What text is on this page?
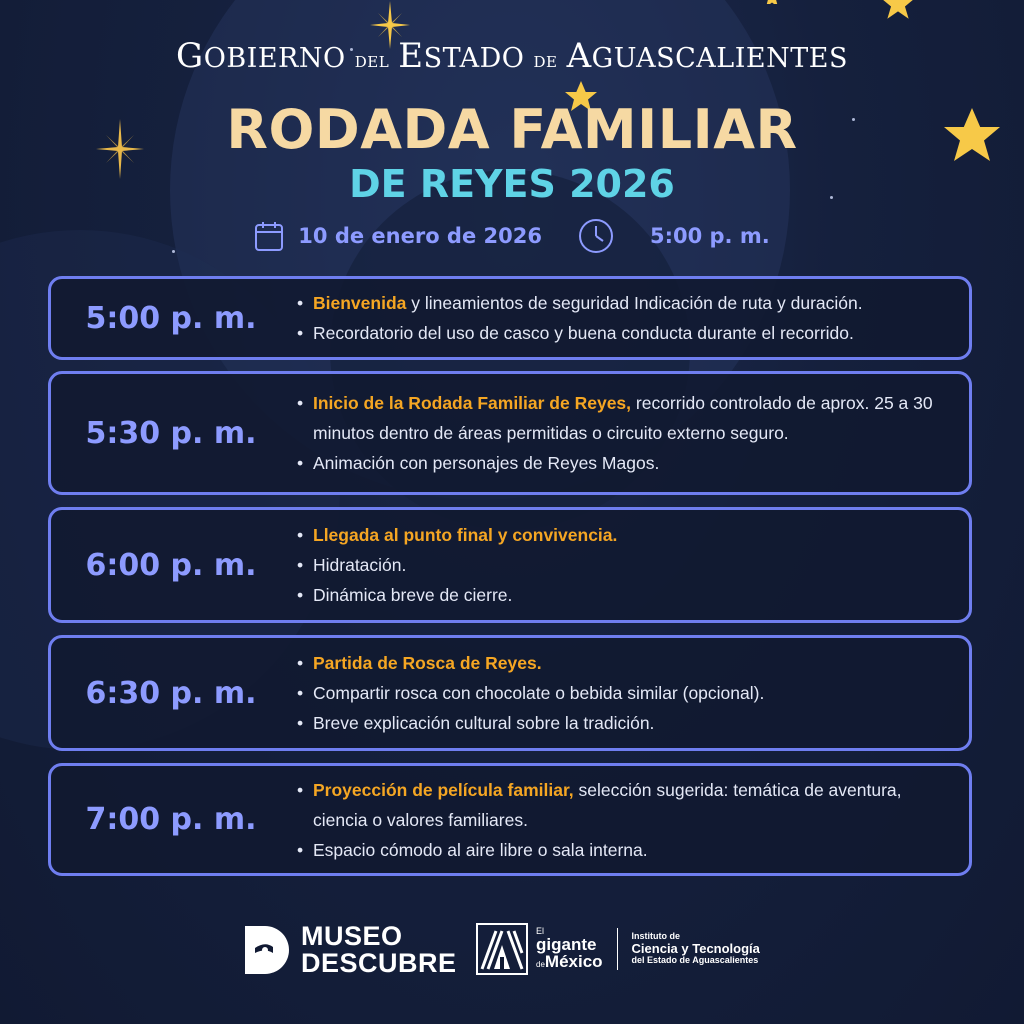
GOBIERNO DEL ESTADO DE AGUASCALIENTES
RODADA FAMILIAR
DE REYES 2026
10 de enero de 2026	5:00 p. m.
5:00 p. m.
•	Bienvenida y lineamientos de seguridad Indicación de ruta y duración.
• Recordatorio del uso de casco y buena conducta durante el recorrido.
5:30 p. m.
• Inicio de la Rodada Familiar de Reyes, recorrido controlado de aprox. 25 a 30 minutos dentro de áreas permitidas o circuito externo seguro.
• Animación con personajes de Reyes Magos.
6:00 p. m.
• Llegada al punto final y convivencia.
• Hidratación.
• Dinámica breve de cierre.
6:30 p. m.
• Partida de Rosca de Reyes.
• Compartir rosca con chocolate o bebida similar (opcional).
• Breve explicación cultural sobre la tradición.
7:00 p. m.
• Proyección de película familiar, selección sugerida: temática de aventura, ciencia o valores familiares.
• Espacio cómodo al aire libre o sala interna.
MUSEO
DESCUBRE
El
gigante
deMéxico
Instituto de
Ciencia y Tecnología
del Estado de Aguascalientes
